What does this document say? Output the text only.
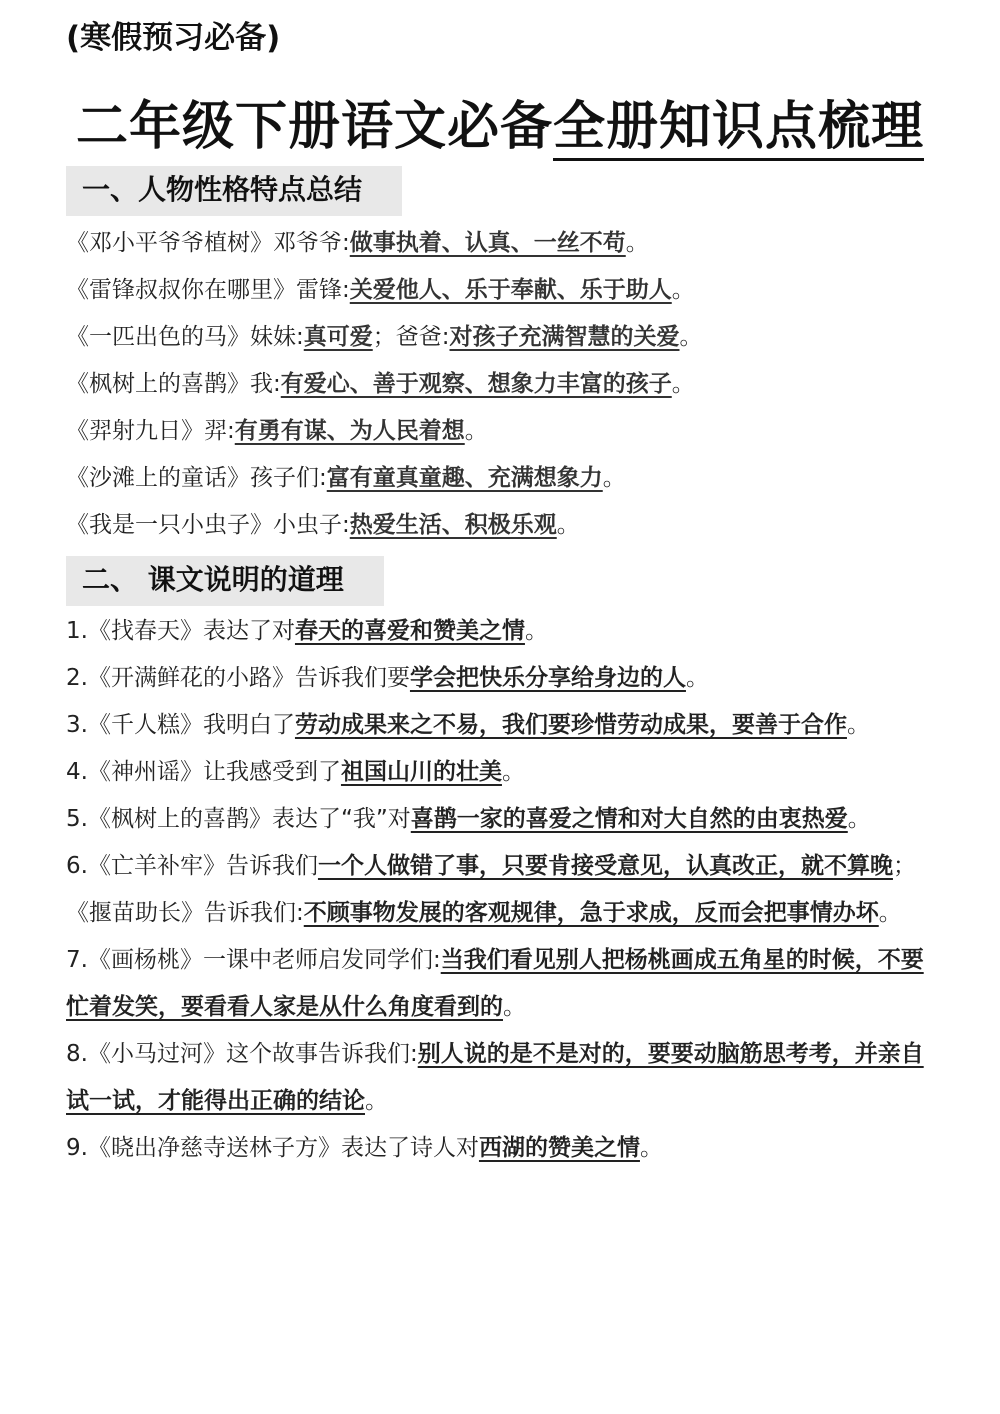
(寒假预习必备)
二年级下册语文必备全册知识点梳理
一、人物性格特点总结
《邓小平爷爷植树》邓爷爷:做事执着、认真、一丝不苟。
《雷锋叔叔你在哪里》雷锋:关爱他人、乐于奉献、乐于助人。
《一匹出色的马》妹妹:真可爱；爸爸:对孩子充满智慧的关爱。
《枫树上的喜鹊》我:有爱心、善于观察、想象力丰富的孩子。
《羿射九日》羿:有勇有谋、为人民着想。
《沙滩上的童话》孩子们:富有童真童趣、充满想象力。
《我是一只小虫子》小虫子:热爱生活、积极乐观。
二、 课文说明的道理
1.《找春天》表达了对春天的喜爱和赞美之情。
2.《开满鲜花的小路》告诉我们要学会把快乐分享给身边的人。
3.《千人糕》我明白了劳动成果来之不易，我们要珍惜劳动成果，要善于合作。
4.《神州谣》让我感受到了祖国山川的壮美。
5.《枫树上的喜鹊》表达了“我”对喜鹊一家的喜爱之情和对大自然的由衷热爱。
6.《亡羊补牢》告诉我们一个人做错了事，只要肯接受意见，认真改正，就不算晚；
《揠苗助长》告诉我们:不顾事物发展的客观规律，急于求成，反而会把事情办坏。
7.《画杨桃》一课中老师启发同学们:当我们看见别人把杨桃画成五角星的时候，不要忙着发笑，要看看人家是从什么角度看到的。
8.《小马过河》这个故事告诉我们:别人说的是不是对的，要要动脑筋思考考，并亲自试一试，才能得出正确的结论。
9.《晓出净慈寺送林子方》表达了诗人对西湖的赞美之情。
